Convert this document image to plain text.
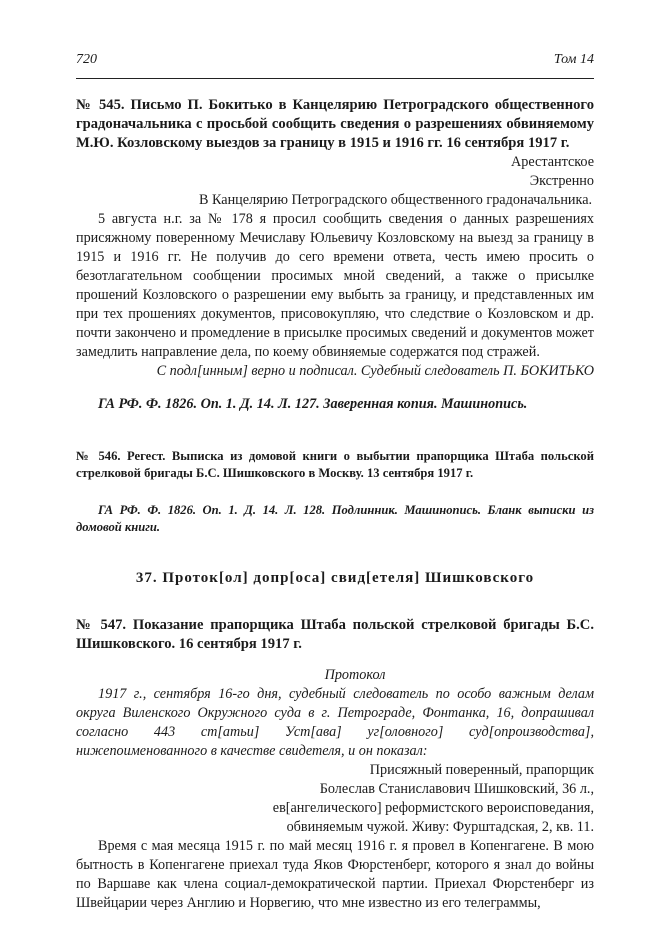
720	Том 14

№ 545. Письмо П. Бокитько в Канцелярию Петроградского общественного градоначальника с просьбой сообщить сведения о разрешениях обвиняемому М.Ю. Козловскому выездов за границу в 1915 и 1916 гг. 16 сентября 1917 г.

Арестантское

Экстренно

В Канцелярию Петроградского общественного градоначальника.

5 августа н.г. за № 178 я просил сообщить сведения о данных разрешениях присяжному поверенному Мечиславу Юльевичу Козловскому на выезд за границу в 1915 и 1916 гг. Не получив до сего времени ответа, честь имею просить о безотлагательном сообщении просимых мной сведений, а также о присылке прошений Козловского о разрешении ему выбыть за границу, и представленных им при тех прошениях документов, присовокупляю, что следствие о Козловском и др. почти закончено и промедление в присылке просимых сведений и документов может замедлить направление дела, по коему обвиняемые содержатся под стражей.

С подл[инным] верно и подписал. Судебный следователь П. БОКИТЬКО

ГА РФ. Ф. 1826. Оп. 1. Д. 14. Л. 127. Заверенная копия. Машинопись.

№ 546. Регест. Выписка из домовой книги о выбытии прапорщика Штаба польской стрелковой бригады Б.С. Шишковского в Москву. 13 сентября 1917 г.

ГА РФ. Ф. 1826. Оп. 1. Д. 14. Л. 128. Подлинник. Машинопись. Бланк выписки из домовой книги.

37. Проток[ол] допр[оса] свид[етеля] Шишковского

№ 547. Показание прапорщика Штаба польской стрелковой бригады Б.С. Шишковского. 16 сентября 1917 г.

Протокол

1917 г., сентября 16-го дня, судебный следователь по особо важным делам округа Виленского Окружного суда в г. Петрограде, Фонтанка, 16, допрашивал согласно 443 ст[атьи] Уст[ава] уг[оловного] суд[опроизводства], нижепоименованного в качестве свидетеля, и он показал:

Присяжный поверенный, прапорщик

Болеслав Станиславович Шишковский, 36 л.,

ев[ангелического] реформистского вероисповедания,

обвиняемым чужой. Живу: Фурштадская, 2, кв. 11.

Время с мая месяца 1915 г. по май месяц 1916 г. я провел в Копенгагене. В мою бытность в Копенгагене приехал туда Яков Фюрстенберг, которого я знал до войны по Варшаве как члена социал-демократической партии. Приехал Фюрстенберг из Швейцарии через Англию и Норвегию, что мне известно из его телеграммы,
